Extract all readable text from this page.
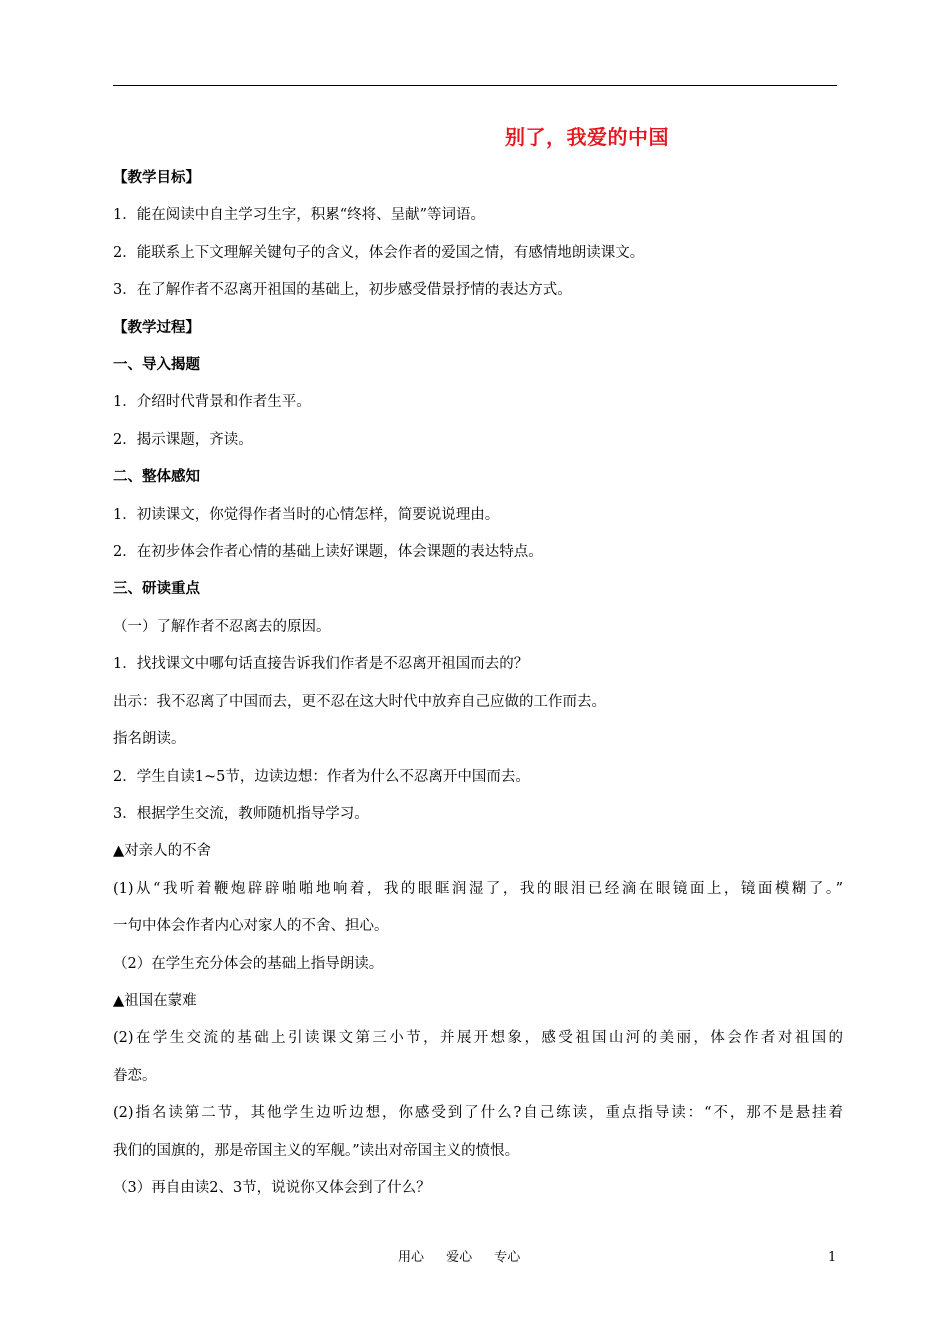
别了，我爱的中国

【教学目标】

1．能在阅读中自主学习生字，积累“终将、呈献”等词语。

2．能联系上下文理解关键句子的含义，体会作者的爱国之情，有感情地朗读课文。

3．在了解作者不忍离开祖国的基础上，初步感受借景抒情的表达方式。

【教学过程】

一、导入揭题

1．介绍时代背景和作者生平。

2．揭示课题，齐读。

二、整体感知

1．初读课文，你觉得作者当时的心情怎样，简要说说理由。

2．在初步体会作者心情的基础上读好课题，体会课题的表达特点。

三、研读重点

（一）了解作者不忍离去的原因。

1．找找课文中哪句话直接告诉我们作者是不忍离开祖国而去的？

出示：我不忍离了中国而去，更不忍在这大时代中放弃自己应做的工作而去。

指名朗读。

2．学生自读1~5节，边读边想：作者为什么不忍离开中国而去。

3．根据学生交流，教师随机指导学习。

▲对亲人的不舍

(1)从“我听着鞭炮辟辟啪啪地响着，我的眼眶润湿了，我的眼泪已经滴在眼镜面上，镜面模糊了。”

一句中体会作者内心对家人的不舍、担心。

（2）在学生充分体会的基础上指导朗读。

▲祖国在蒙难

(2)在学生交流的基础上引读课文第三小节，并展开想象，感受祖国山河的美丽，体会作者对祖国的

眷恋。

(2)指名读第二节，其他学生边听边想，你感受到了什么?自己练读，重点指导读：“不，那不是悬挂着

我们的国旗的，那是帝国主义的军舰。”读出对帝国主义的愤恨。

（3）再自由读2、3节，说说你又体会到了什么？

用心 爱心 专心	1
